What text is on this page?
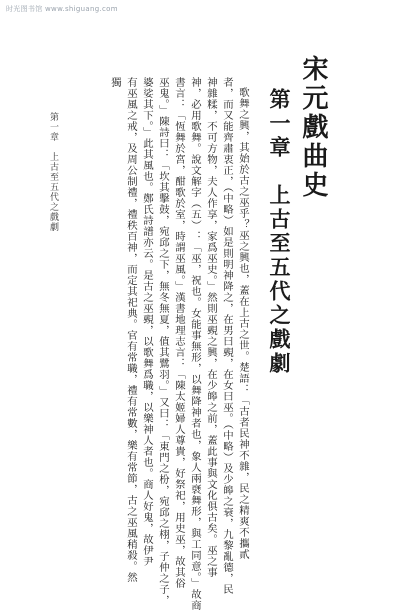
时光图书馆 www.shiguang.com
宋元戲曲史
第一章　上古至五代之戲劇
歌舞之興，其始於古之巫乎？巫之興也，蓋在上古之世。楚語：「古者民神不雜，民之精爽不攜貳
者，而又能齊肅衷正，（中略）如是則明神降之，在男曰覡，在女曰巫。（中略）及少皞之衰，九黎亂德，民
神雜糅，不可方物，夫人作享，家爲巫史。」然則巫覡之興，在少皞之前，蓋此事與文化俱古矣。巫之事
神，必用歌舞。說文解字（五）：「巫，祝也。女能事無形，以舞降神者也，象人兩褎舞形，與工同意。」故商
書言：「恆舞於宮，酣歌於室，時謂巫風。」漢書地理志言：「陳太姬婦人尊貴，好祭祀，用史巫，故其俗
巫鬼。」陳詩曰：「坎其擊鼓，宛邱之下，無冬無夏，值其鷺羽。」又曰：「東門之枌，宛邱之栩，子仲之子，
婆娑其下。」此其風也。鄭氏詩譜亦云。是古之巫覡，以歌舞爲職，以樂神人者也。商人好鬼，故伊尹
有巫風之戒，及周公制禮，禮秩百神，而定其祀典。官有常職，禮有常數，樂有常節，古之巫風稍殺。然
獨
第一章　上古至五代之戲劇
